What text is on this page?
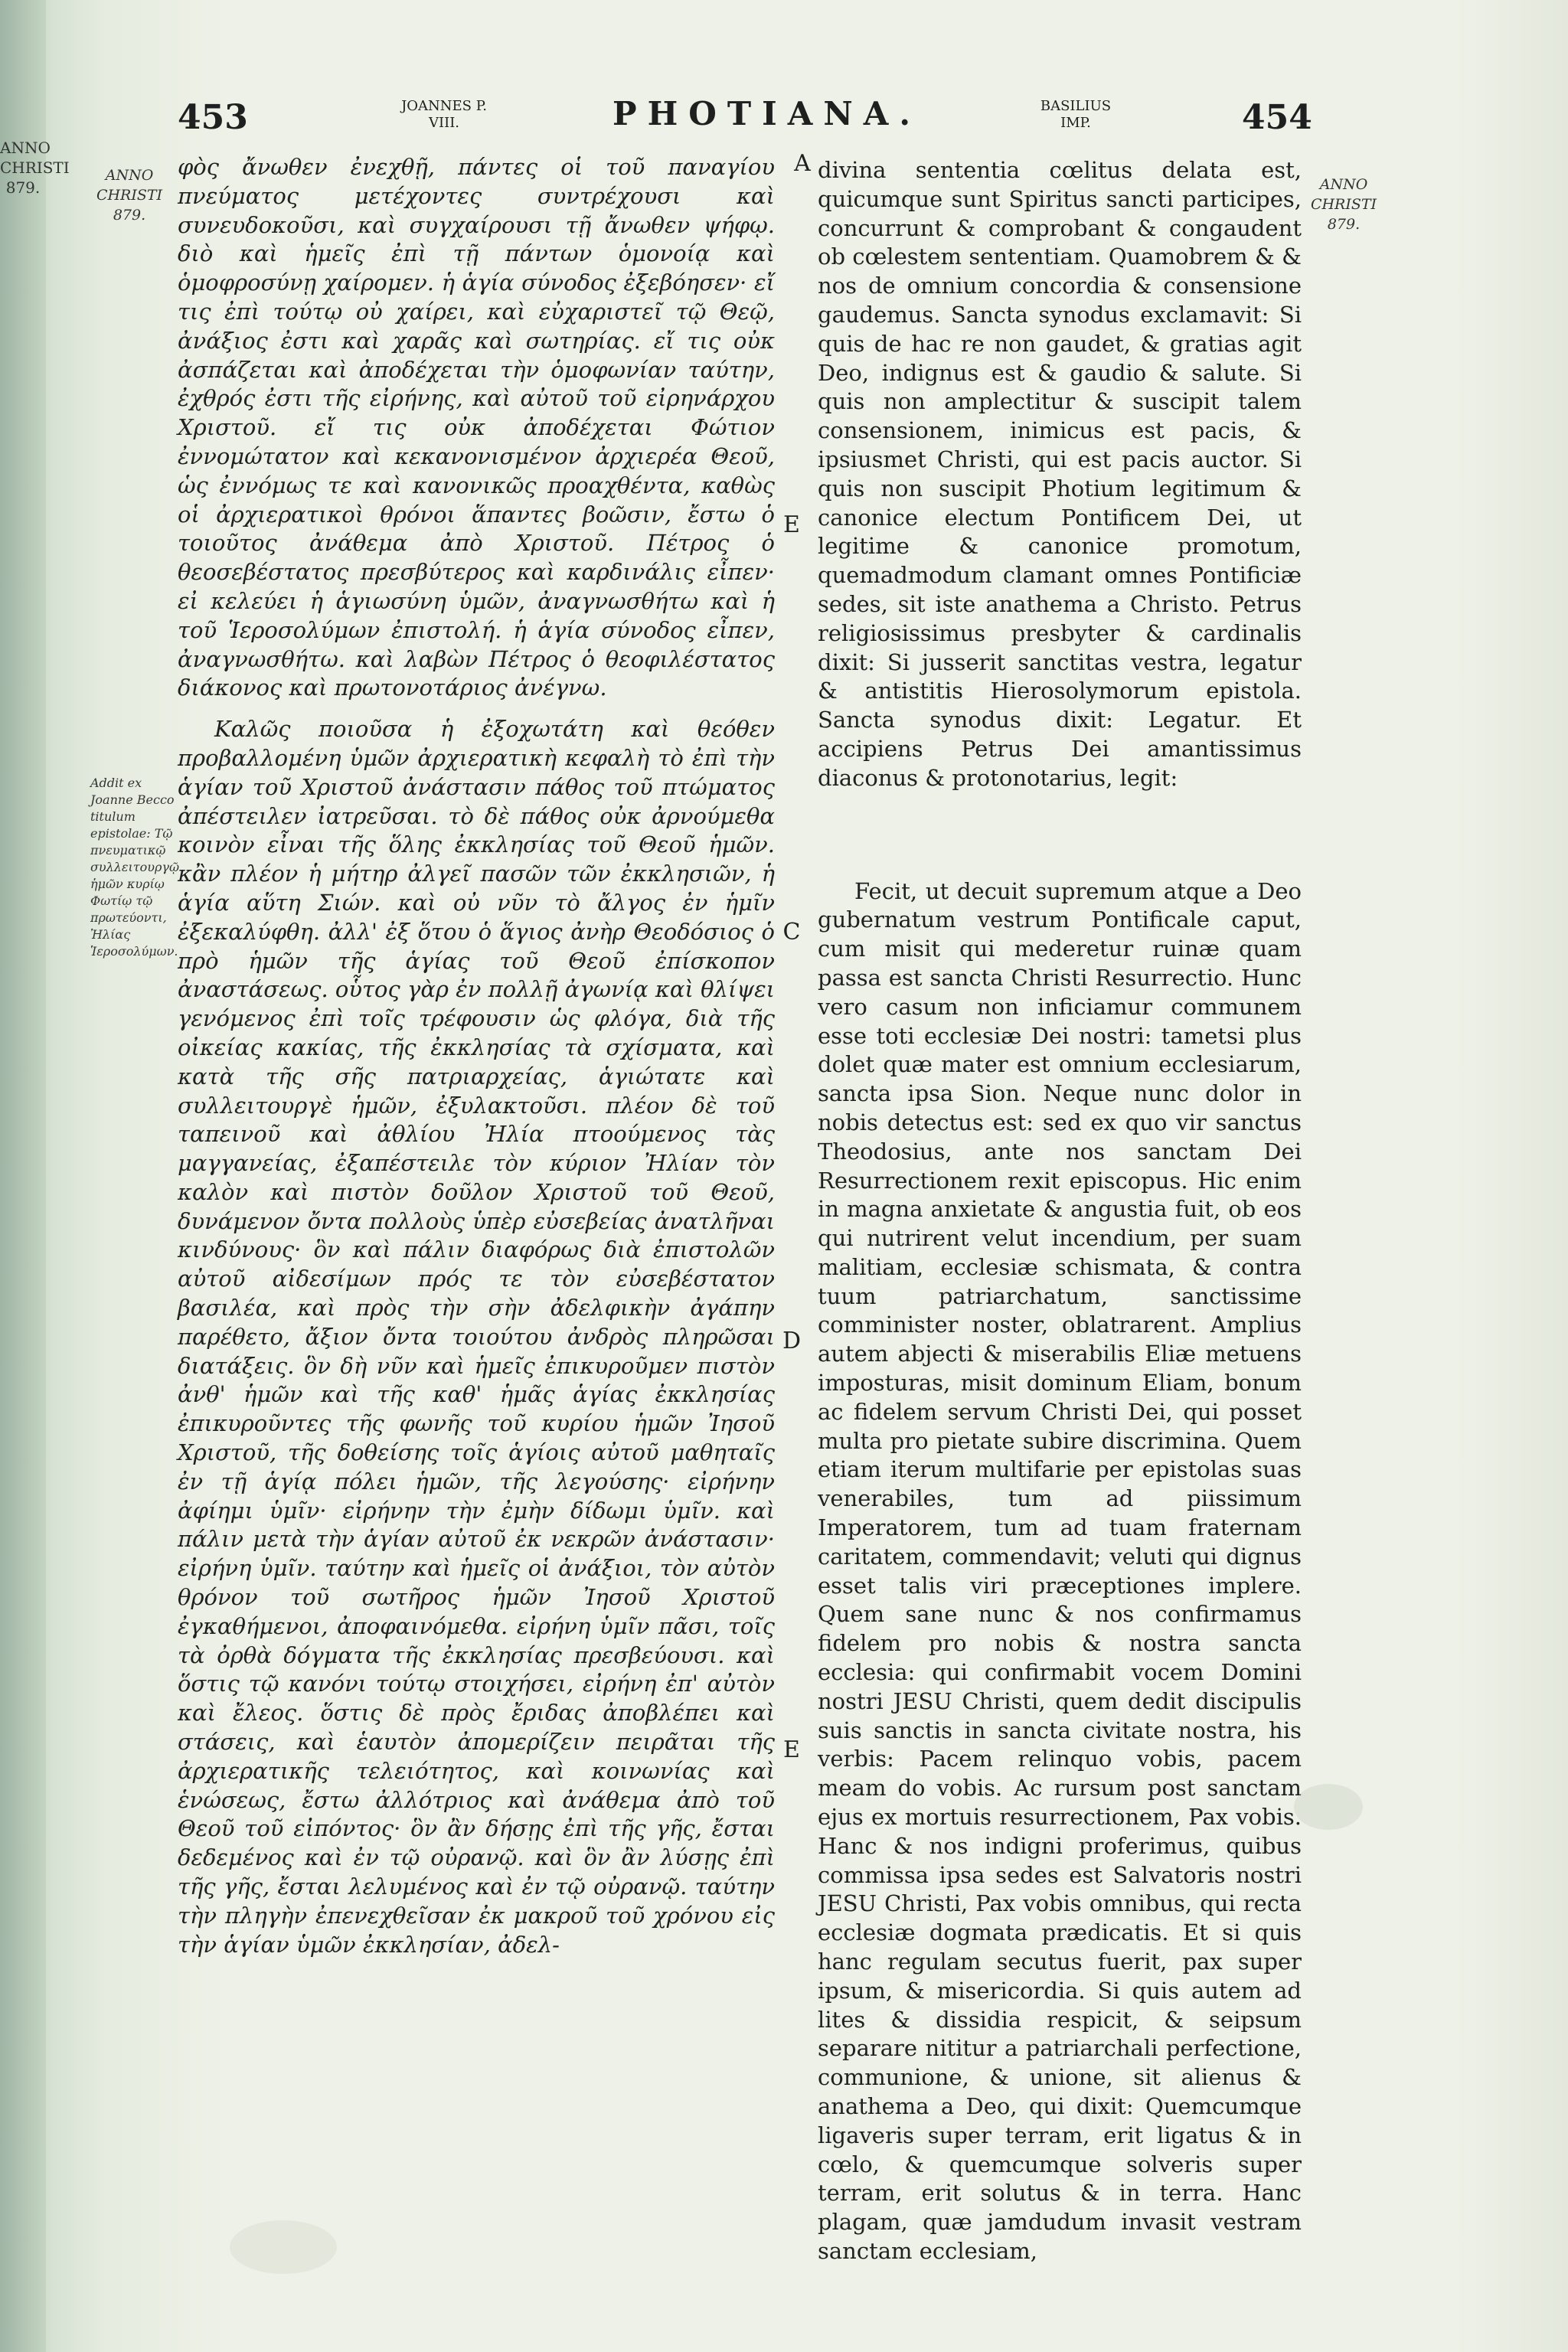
ANNO CHRISTI 879.
453	JOANNES P. VIII.	PHOTIANA.	BASILIUS IMP.	454
ANNO CHRISTI 879.
ANNO CHRISTI 879.
Addit ex Joanne Becco titulum epistolae: Τῷ πνευματικῷ συλλειτουργῷ ἡμῶν κυρίῳ Φωτίῳ τῷ πρωτεύοντι, Ἠλίας Ἱεροσολύμων.
A
E
C
D
E

φὸς ἄνωθεν ἐνεχθῇ, πάντες οἱ τοῦ παναγίου πνεύματος μετέχοντες συντρέχουσι καὶ συνευδοκοῦσι, καὶ συγχαίρουσι τῇ ἄνωθεν ψήφῳ. διὸ καὶ ἡμεῖς ἐπὶ τῇ πάντων ὁμονοίᾳ καὶ ὁμοφροσύνῃ χαίρομεν. ἡ ἁγία σύνοδος ἐξεβόησεν· εἴ τις ἐπὶ τούτῳ οὐ χαίρει, καὶ εὐχαριστεῖ τῷ Θεῷ, ἀνάξιος ἐστι καὶ χαρᾶς καὶ σωτηρίας. εἴ τις οὐκ ἀσπάζεται καὶ ἀποδέχεται τὴν ὁμοφωνίαν ταύτην, ἐχθρός ἐστι τῆς εἰρήνης, καὶ αὐτοῦ τοῦ εἰρηνάρχου Χριστοῦ. εἴ τις οὐκ ἀποδέχεται Φώτιον ἐννομώτατον καὶ κεκανονισμένον ἀρχιερέα Θεοῦ, ὡς ἐννόμως τε καὶ κανονικῶς προαχθέντα, καθὼς οἱ ἀρχιερατικοὶ θρόνοι ἅπαντες βοῶσιν, ἔστω ὁ τοιοῦτος ἀνάθεμα ἀπὸ Χριστοῦ. Πέτρος ὁ θεοσεβέστατος πρεσβύτερος καὶ καρδινάλις εἶπεν· εἰ κελεύει ἡ ἁγιωσύνη ὑμῶν, ἀναγνωσθήτω καὶ ἡ τοῦ Ἱεροσολύμων ἐπιστολή. ἡ ἁγία σύνοδος εἶπεν, ἀναγνωσθήτω. καὶ λαβὼν Πέτρος ὁ θεοφιλέστατος διάκονος καὶ πρωτονοτάριος ἀνέγνω.

Καλῶς ποιοῦσα ἡ ἐξοχωτάτη καὶ θεόθεν προβαλλομένη ὑμῶν ἀρχιερατικὴ κεφαλὴ τὸ ἐπὶ τὴν ἁγίαν τοῦ Χριστοῦ ἀνάστασιν πάθος τοῦ πτώματος ἀπέστειλεν ἰατρεῦσαι. τὸ δὲ πάθος οὐκ ἀρνούμεθα κοινὸν εἶναι τῆς ὅλης ἐκκλησίας τοῦ Θεοῦ ἡμῶν. κἂν πλέον ἡ μήτηρ ἀλγεῖ πασῶν τῶν ἐκκλησιῶν, ἡ ἁγία αὕτη Σιών. καὶ οὐ νῦν τὸ ἄλγος ἐν ἡμῖν ἐξεκαλύφθη. ἀλλ' ἐξ ὅτου ὁ ἅγιος ἀνὴρ Θεοδόσιος ὁ πρὸ ἡμῶν τῆς ἁγίας τοῦ Θεοῦ ἐπίσκοπον ἀναστάσεως. οὗτος γὰρ ἐν πολλῇ ἀγωνίᾳ καὶ θλίψει γενόμενος ἐπὶ τοῖς τρέφουσιν ὡς φλόγα, διὰ τῆς οἰκείας κακίας, τῆς ἐκκλησίας τὰ σχίσματα, καὶ κατὰ τῆς σῆς πατριαρχείας, ἁγιώτατε καὶ συλλειτουργὲ ἡμῶν, ἐξυλακτοῦσι. πλέον δὲ τοῦ ταπεινοῦ καὶ ἀθλίου Ἠλία πτοούμενος τὰς μαγγανείας, ἐξαπέστειλε τὸν κύριον Ἠλίαν τὸν καλὸν καὶ πιστὸν δοῦλον Χριστοῦ τοῦ Θεοῦ, δυνάμενον ὄντα πολλοὺς ὑπὲρ εὐσεβείας ἀνατλῆναι κινδύνους· ὃν καὶ πάλιν διαφόρως διὰ ἐπιστολῶν αὐτοῦ αἰδεσίμων πρός τε τὸν εὐσεβέστατον βασιλέα, καὶ πρὸς τὴν σὴν ἀδελφικὴν ἀγάπην παρέθετο, ἄξιον ὄντα τοιούτου ἀνδρὸς πληρῶσαι διατάξεις. ὃν δὴ νῦν καὶ ἡμεῖς ἐπικυροῦμεν πιστὸν ἀνθ' ἡμῶν καὶ τῆς καθ' ἡμᾶς ἁγίας ἐκκλησίας ἐπικυροῦντες τῆς φωνῆς τοῦ κυρίου ἡμῶν Ἰησοῦ Χριστοῦ, τῆς δοθείσης τοῖς ἁγίοις αὐτοῦ μαθηταῖς ἐν τῇ ἁγίᾳ πόλει ἡμῶν, τῆς λεγούσης· εἰρήνην ἀφίημι ὑμῖν· εἰρήνην τὴν ἐμὴν δίδωμι ὑμῖν. καὶ πάλιν μετὰ τὴν ἁγίαν αὐτοῦ ἐκ νεκρῶν ἀνάστασιν· εἰρήνη ὑμῖν. ταύτην καὶ ἡμεῖς οἱ ἀνάξιοι, τὸν αὐτὸν θρόνον τοῦ σωτῆρος ἡμῶν Ἰησοῦ Χριστοῦ ἐγκαθήμενοι, ἀποφαινόμεθα. εἰρήνη ὑμῖν πᾶσι, τοῖς τὰ ὀρθὰ δόγματα τῆς ἐκκλησίας πρεσβεύουσι. καὶ ὅστις τῷ κανόνι τούτῳ στοιχήσει, εἰρήνη ἐπ' αὐτὸν καὶ ἔλεος. ὅστις δὲ πρὸς ἔριδας ἀποβλέπει καὶ στάσεις, καὶ ἑαυτὸν ἀπομερίζειν πειρᾶται τῆς ἀρχιερατικῆς τελειότητος, καὶ κοινωνίας καὶ ἑνώσεως, ἔστω ἀλλότριος καὶ ἀνάθεμα ἀπὸ τοῦ Θεοῦ τοῦ εἰπόντος· ὃν ἂν δήσῃς ἐπὶ τῆς γῆς, ἔσται δεδεμένος καὶ ἐν τῷ οὐρανῷ. καὶ ὃν ἂν λύσῃς ἐπὶ τῆς γῆς, ἔσται λελυμένος καὶ ἐν τῷ οὐρανῷ. ταύτην τὴν πληγὴν ἐπενεχθεῖσαν ἐκ μακροῦ τοῦ χρόνου εἰς τὴν ἁγίαν ὑμῶν ἐκκλησίαν, ἀδελ-

divina sententia cœlitus delata est, quicumque sunt Spiritus sancti participes, concurrunt & comprobant & congaudent ob cœlestem sententiam. Quamobrem & & nos de omnium concordia & consensione gaudemus. Sancta synodus exclamavit: Si quis de hac re non gaudet, & gratias agit Deo, indignus est & gaudio & salute. Si quis non amplectitur & suscipit talem consensionem, inimicus est pacis, & ipsiusmet Christi, qui est pacis auctor. Si quis non suscipit Photium legitimum & canonice electum Pontificem Dei, ut legitime & canonice promotum, quemadmodum clamant omnes Pontificiæ sedes, sit iste anathema a Christo. Petrus religiosissimus presbyter & cardinalis dixit: Si jusserit sanctitas vestra, legatur & antistitis Hierosolymorum epistola. Sancta synodus dixit: Legatur. Et accipiens Petrus Dei amantissimus diaconus & protonotarius, legit:

Fecit, ut decuit supremum atque a Deo gubernatum vestrum Pontificale caput, cum misit qui mederetur ruinæ quam passa est sancta Christi Resurrectio. Hunc vero casum non inficiamur communem esse toti ecclesiæ Dei nostri: tametsi plus dolet quæ mater est omnium ecclesiarum, sancta ipsa Sion. Neque nunc dolor in nobis detectus est: sed ex quo vir sanctus Theodosius, ante nos sanctam Dei Resurrectionem rexit episcopus. Hic enim in magna anxietate & angustia fuit, ob eos qui nutrirent velut incendium, per suam malitiam, ecclesiæ schismata, & contra tuum patriarchatum, sanctissime comminister noster, oblatrarent. Amplius autem abjecti & miserabilis Eliæ metuens imposturas, misit dominum Eliam, bonum ac fidelem servum Christi Dei, qui posset multa pro pietate subire discrimina. Quem etiam iterum multifarie per epistolas suas venerabiles, tum ad piissimum Imperatorem, tum ad tuam fraternam caritatem, commendavit; veluti qui dignus esset talis viri præceptiones implere. Quem sane nunc & nos confirmamus fidelem pro nobis & nostra sancta ecclesia: qui confirmabit vocem Domini nostri JESU Christi, quem dedit discipulis suis sanctis in sancta civitate nostra, his verbis: Pacem relinquo vobis, pacem meam do vobis. Ac rursum post sanctam ejus ex mortuis resurrectionem, Pax vobis. Hanc & nos indigni proferimus, quibus commissa ipsa sedes est Salvatoris nostri JESU Christi, Pax vobis omnibus, qui recta ecclesiæ dogmata prædicatis. Et si quis hanc regulam secutus fuerit, pax super ipsum, & misericordia. Si quis autem ad lites & dissidia respicit, & seipsum separare nititur a patriarchali perfectione, communione, & unione, sit alienus & anathema a Deo, qui dixit: Quemcumque ligaveris super terram, erit ligatus & in cœlo, & quemcumque solveris super terram, erit solutus & in terra. Hanc plagam, quæ jamdudum invasit vestram sanctam ecclesiam,
